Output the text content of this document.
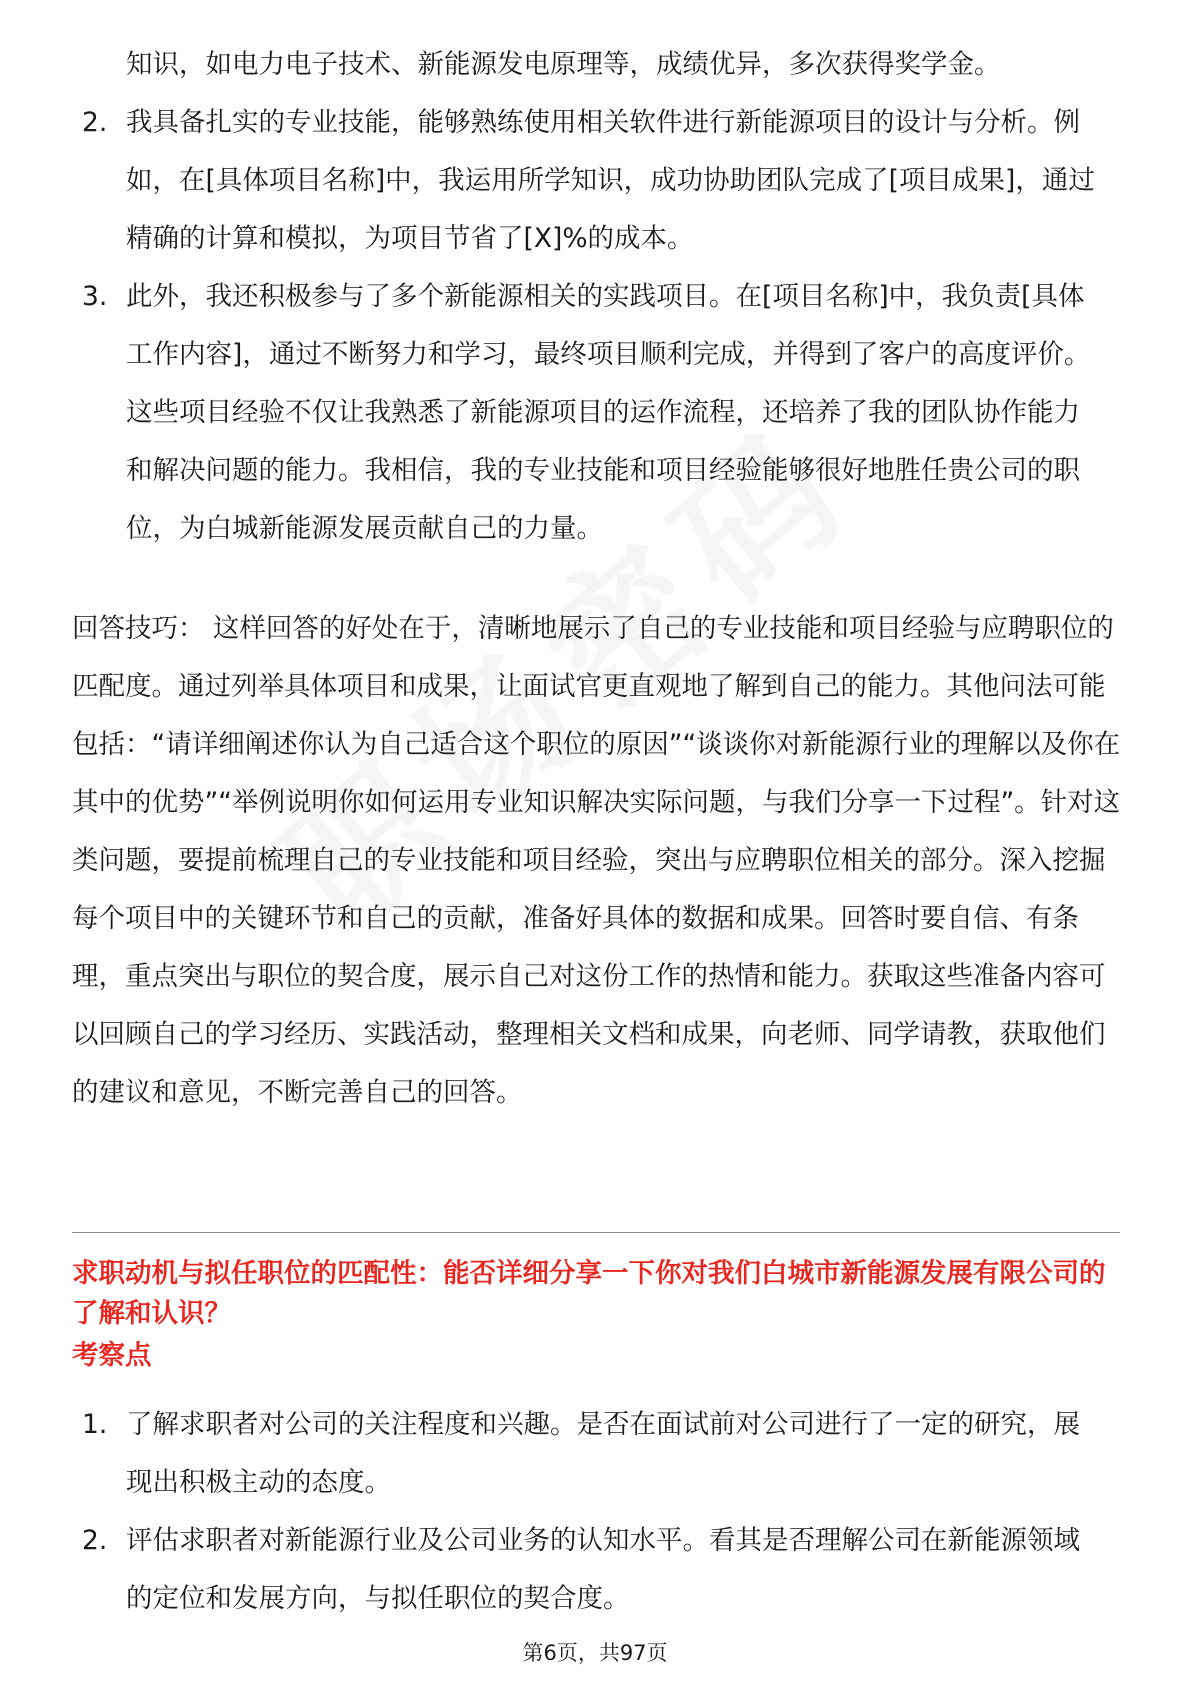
知识，如电力电子技术、新能源发电原理等，成绩优异，多次获得奖学金。
2. 我具备扎实的专业技能，能够熟练使用相关软件进行新能源项目的设计与分析。例如，在[具体项目名称]中，我运用所学知识，成功协助团队完成了[项目成果]，通过精确的计算和模拟，为项目节省了[X]%的成本。
3. 此外，我还积极参与了多个新能源相关的实践项目。在[项目名称]中，我负责[具体工作内容]，通过不断努力和学习，最终项目顺利完成，并得到了客户的高度评价。这些项目经验不仅让我熟悉了新能源项目的运作流程，还培养了我的团队协作能力和解决问题的能力。我相信，我的专业技能和项目经验能够很好地胜任贵公司的职位，为白城新能源发展贡献自己的力量。

回答技巧： 这样回答的好处在于，清晰地展示了自己的专业技能和项目经验与应聘职位的匹配度。通过列举具体项目和成果，让面试官更直观地了解到自己的能力。其他问法可能包括：“请详细阐述你认为自己适合这个职位的原因”“谈谈你对新能源行业的理解以及你在其中的优势”“举例说明你如何运用专业知识解决实际问题，与我们分享一下过程”。针对这类问题，要提前梳理自己的专业技能和项目经验，突出与应聘职位相关的部分。深入挖掘每个项目中的关键环节和自己的贡献，准备好具体的数据和成果。回答时要自信、有条理，重点突出与职位的契合度，展示自己对这份工作的热情和能力。获取这些准备内容可以回顾自己的学习经历、实践活动，整理相关文档和成果，向老师、同学请教，获取他们的建议和意见，不断完善自己的回答。

求职动机与拟任职位的匹配性：能否详细分享一下你对我们白城市新能源发展有限公司的了解和认识？

考察点
1. 了解求职者对公司的关注程度和兴趣。是否在面试前对公司进行了一定的研究，展现出积极主动的态度。
2. 评估求职者对新能源行业及公司业务的认知水平。看其是否理解公司在新能源领域的定位和发展方向，与拟任职位的契合度。
第6页，共97页
